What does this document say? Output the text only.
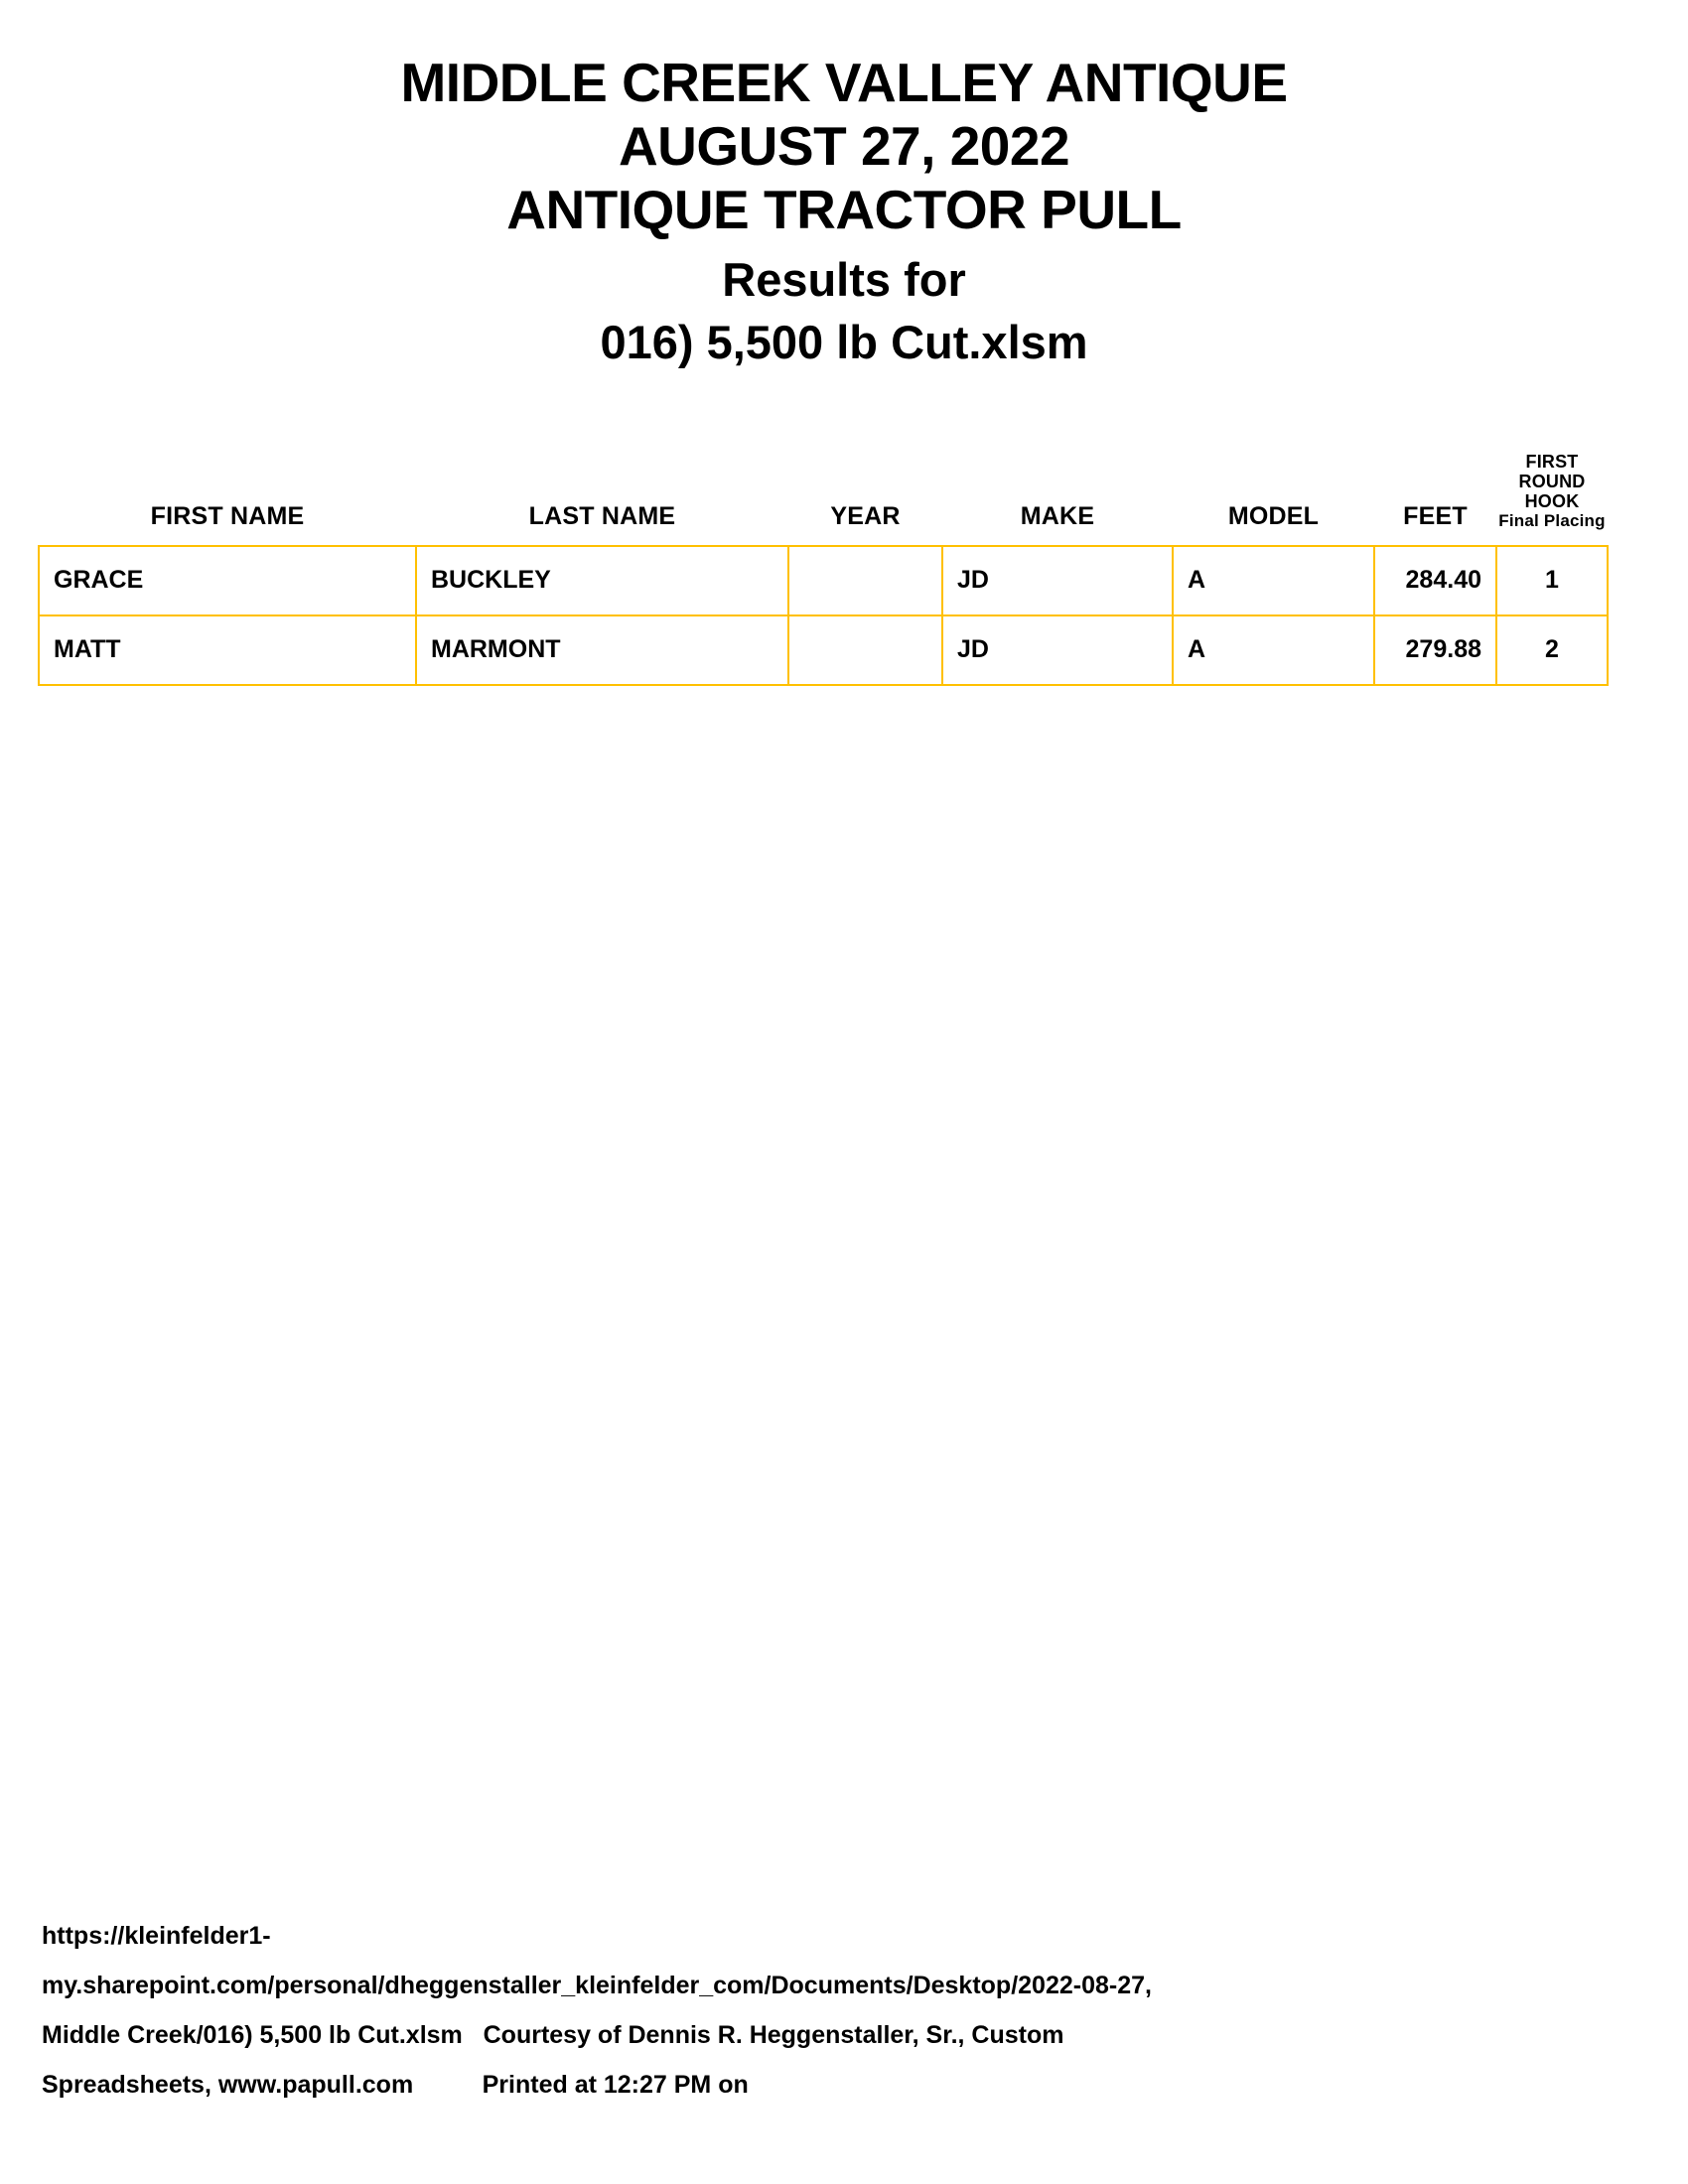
MIDDLE CREEK VALLEY ANTIQUE
AUGUST 27, 2022
ANTIQUE TRACTOR PULL
Results for
016) 5,500 lb Cut.xlsm
FIRST NAME	LAST NAME	YEAR	MAKE	MODEL	FEET	FIRST ROUND
HOOK
Final Placing

GRACE	BUCKLEY		JD	A	284.40	1
MATT	MARMONT		JD	A	279.88	2
https://kleinfelder1-
my.sharepoint.com/personal/dheggenstaller_kleinfelder_com/Documents/Desktop/2022-08-27,
Middle Creek/016) 5,500 lb Cut.xlsm   Courtesy of Dennis R. Heggenstaller, Sr., Custom
Spreadsheets, www.papull.com          Printed at 12:27 PM on
